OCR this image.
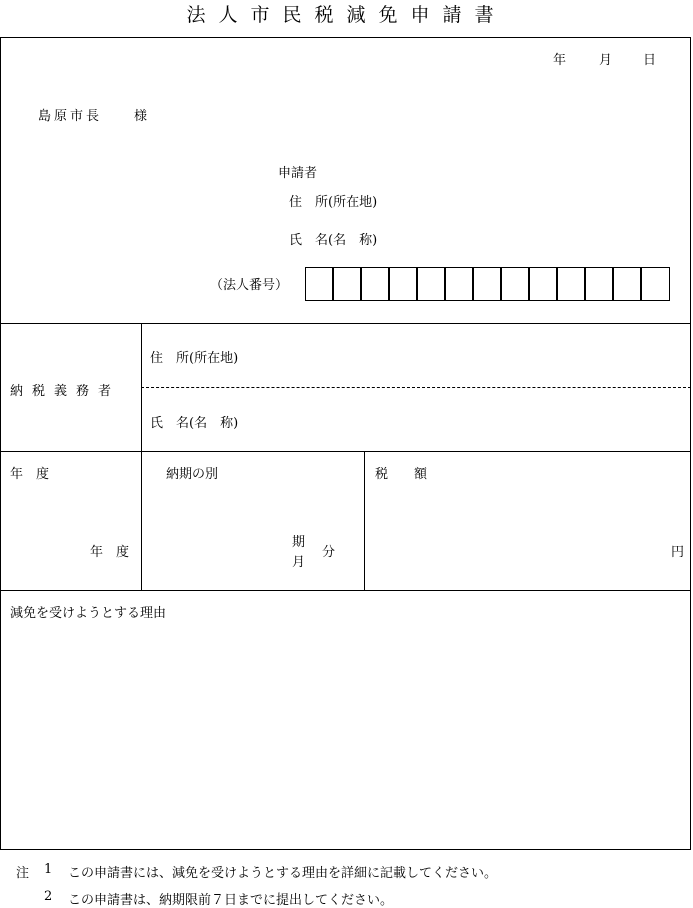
法人市民税減免申請書
年	月 日
島原市長　　様
申請者
住　所(所在地)
氏　名(名　称)
（法人番号）
納税義務者
住　所(所在地)
氏　名(名　称)
年　度
年　度
納期の別
期
月
分
税　　額
円
減免を受けようとする理由
注 1 この申請書には、減免を受けようとする理由を詳細に記載してください。
2 この申請書は、納期限前７日までに提出してください。
